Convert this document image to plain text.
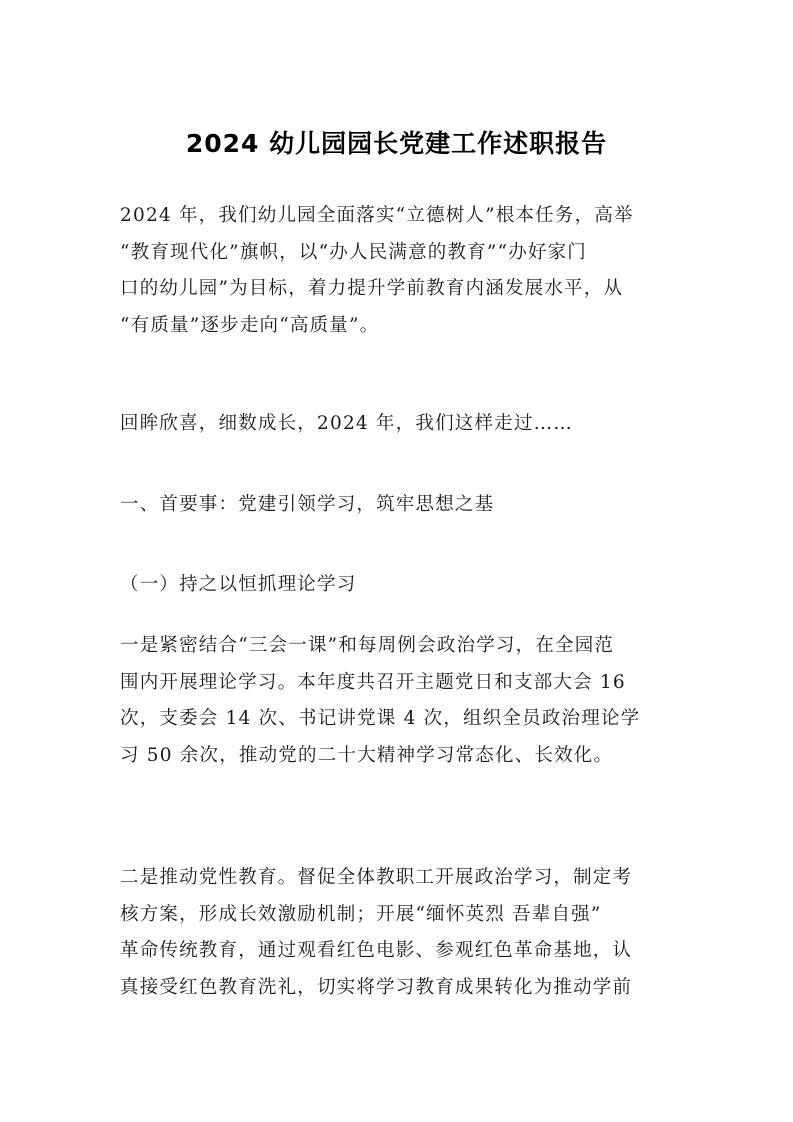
2024 幼儿园园长党建工作述职报告
2024 年，我们幼儿园全面落实“立德树人”根本任务，高举
“教育现代化”旗帜，以“办人民满意的教育”“办好家门
口的幼儿园”为目标，着力提升学前教育内涵发展水平，从
“有质量”逐步走向“高质量”。
回眸欣喜，细数成长，2024 年，我们这样走过……
一、首要事：党建引领学习，筑牢思想之基
（一）持之以恒抓理论学习
一是紧密结合“三会一课”和每周例会政治学习，在全园范
围内开展理论学习。本年度共召开主题党日和支部大会 16
次，支委会 14 次、书记讲党课 4 次，组织全员政治理论学
习 50 余次，推动党的二十大精神学习常态化、长效化。
二是推动党性教育。督促全体教职工开展政治学习，制定考
核方案，形成长效激励机制；开展“缅怀英烈 吾辈自强”
革命传统教育，通过观看红色电影、参观红色革命基地，认
真接受红色教育洗礼，切实将学习教育成果转化为推动学前
